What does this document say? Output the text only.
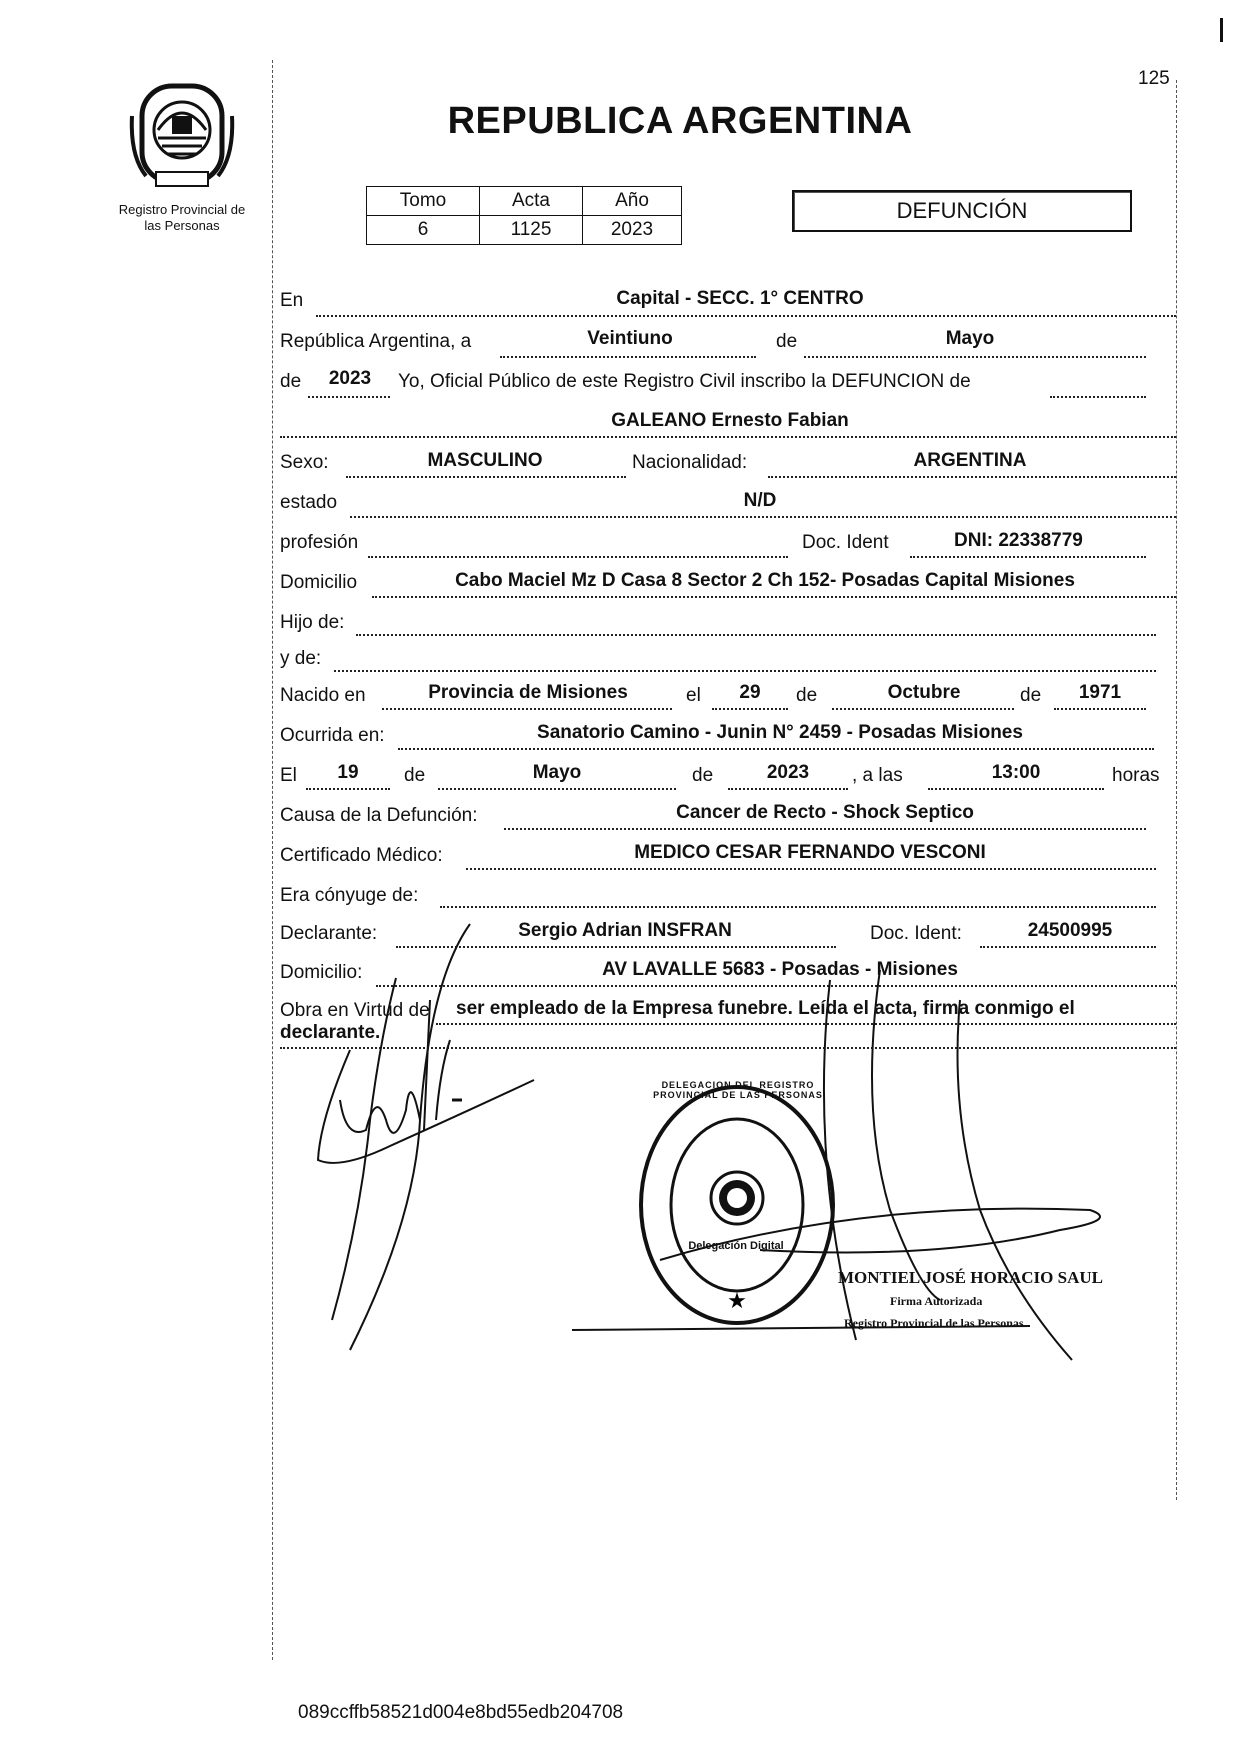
125
Registro Provincial de
las Personas
REPUBLICA ARGENTINA
Tomo	Acta	Año
6	1125	2023
DEFUNCIÓN
En	Capital - SECC. 1° CENTRO
República Argentina, a	Veintiuno	de	Mayo
de	2023	Yo, Oficial Público de este Registro Civil inscribo la DEFUNCION de
GALEANO Ernesto Fabian
Sexo:	MASCULINO	Nacionalidad:	ARGENTINA
estado	N/D
profesión	Doc. Ident	DNI: 22338779
Domicilio	Cabo Maciel Mz D Casa 8 Sector 2 Ch 152- Posadas Capital Misiones
Hijo de:
y de:
Nacido en	Provincia de Misiones	el	29	de	Octubre	de	1971
Ocurrida en:	Sanatorio Camino - Junin N° 2459 - Posadas Misiones
El	19	de	Mayo	de	2023	, a las	13:00	horas
Causa de la Defunción:	Cancer de Recto - Shock Septico
Certificado Médico:	MEDICO CESAR FERNANDO VESCONI
Era cónyuge de:
Declarante:	Sergio Adrian INSFRAN	Doc. Ident:	24500995
Domicilio:	AV LAVALLE 5683 - Posadas - Misiones
Obra en Virtud de ser empleado de la Empresa funebre. Leída el acta, firma conmigo el
declarante.
★
DELEGACION DEL REGISTRO PROVINCIAL DE LAS PERSONAS
Delegación Digital
MONTIEL JOSÉ HORACIO SAUL
Firma Autorizada
Registro Provincial de las Personas
089ccffb58521d004e8bd55edb204708
